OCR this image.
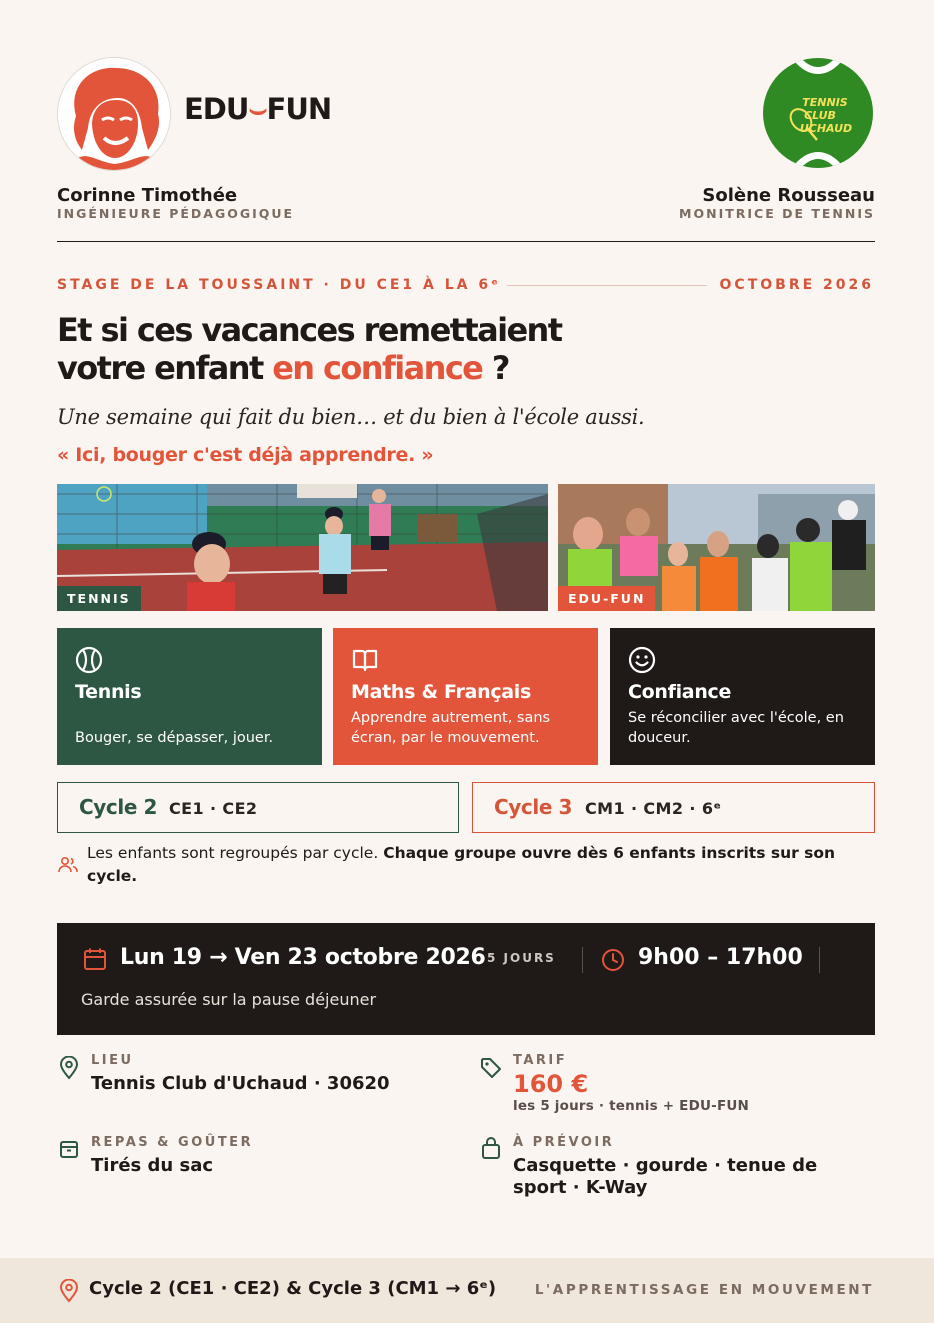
EDU⌣FUN	TENNIS
CLUB
UCHAUD
Corinne Timothée
INGÉNIEURE PÉDAGOGIQUE
Solène Rousseau
MONITRICE DE TENNIS
STAGE DE LA TOUSSAINT · DU CE1 À LA 6ᵉ	OCTOBRE 2026
Et si ces vacances remettaient
votre enfant en confiance ?
Une semaine qui fait du bien… et du bien à l'école aussi.
« Ici, bouger c'est déjà apprendre. »
TENNIS	EDU-FUN
Tennis
Bouger, se dépasser, jouer.
Maths & Français
Apprendre autrement, sans écran, par le mouvement.
Confiance
Se réconcilier avec l'école, en douceur.
Cycle 2 CE1 · CE2	Cycle 3 CM1 · CM2 · 6ᵉ
Les enfants sont regroupés par cycle. Chaque groupe ouvre dès 6 enfants inscrits sur son cycle.
Lun 19 → Ven 23 octobre 2026 5 JOURS	9h00 – 17h00
Garde assurée sur la pause déjeuner
LIEU
Tennis Club d'Uchaud · 30620
TARIF
160 €
les 5 jours · tennis + EDU-FUN
REPAS & GOÛTER
Tirés du sac
À PRÉVOIR
Casquette · gourde · tenue de sport · K-Way
Cycle 2 (CE1 · CE2) & Cycle 3 (CM1 → 6ᵉ)	L'APPRENTISSAGE EN MOUVEMENT
